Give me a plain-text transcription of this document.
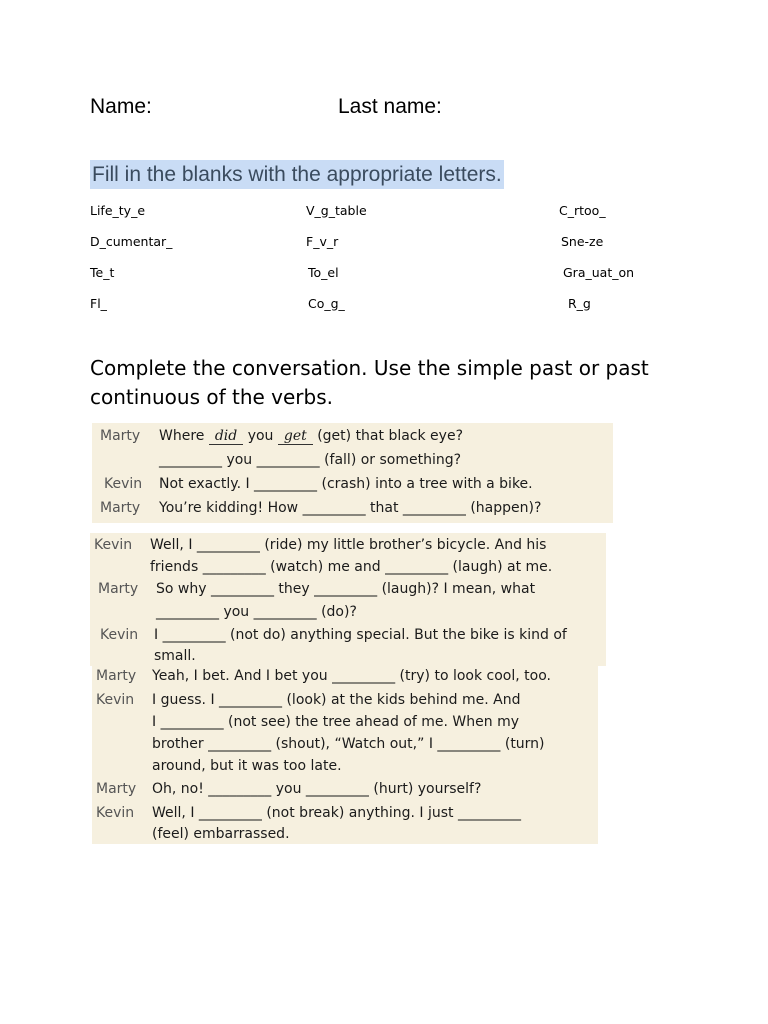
Name:	Last name:
Fill in the blanks with the appropriate letters.
Life_ty_e	V_g_table	C_rtoo_
D_cumentar_	F_v_r	Sne-ze
Te_t	To_el	Gra_uat_on
Fl_	Co_g_	R_g
Complete the conversation. Use the simple past or past continuous of the verbs.
Marty Where did you get (get) that black eye?
_________ you _________ (fall) or something?
Kevin Not exactly. I _________ (crash) into a tree with a bike.
Marty You’re kidding! How _________ that _________ (happen)?
Kevin Well, I _________ (ride) my little brother’s bicycle. And his
friends _________ (watch) me and _________ (laugh) at me.
Marty So why _________ they _________ (laugh)? I mean, what
_________ you _________ (do)?
Kevin I _________ (not do) anything special. But the bike is kind of
small.
Marty Yeah, I bet. And I bet you _________ (try) to look cool, too.
Kevin I guess. I _________ (look) at the kids behind me. And
I _________ (not see) the tree ahead of me. When my
brother _________ (shout), “Watch out,” I _________ (turn)
around, but it was too late.
Marty Oh, no! _________ you _________ (hurt) yourself?
Kevin Well, I _________ (not break) anything. I just _________
(feel) embarrassed.
